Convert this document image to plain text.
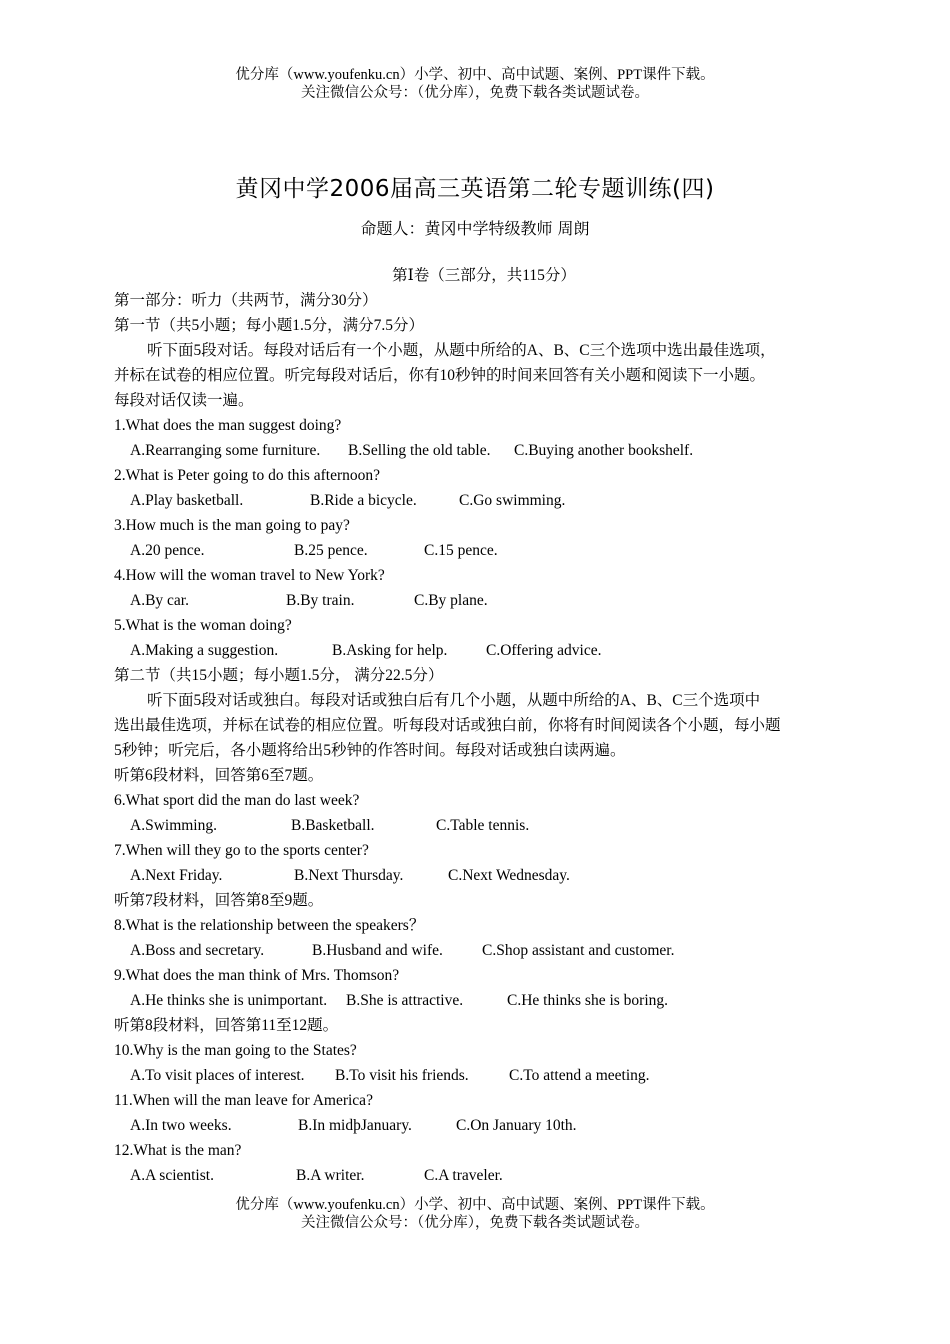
优分库（www.youfenku.cn）小学、初中、高中试题、案例、PPT课件下载。
关注微信公众号：（优分库），免费下载各类试题试卷。
黄冈中学2006届高三英语第二轮专题训练(四)
命题人：黄冈中学特级教师 周朗
第Ⅰ卷（三部分，共115分）
第一部分：听力（共两节，满分30分）
第一节（共5小题；每小题1.5分，满分7.5分）
听下面5段对话。每段对话后有一个小题，从题中所给的A、B、C三个选项中选出最佳选项，
并标在试卷的相应位置。听完每段对话后，你有10秒钟的时间来回答有关小题和阅读下一小题。
每段对话仅读一遍。
1.What does the man suggest doing?
A.Rearranging some furniture. B.Selling the old table. C.Buying another bookshelf.
2.What is Peter going to do this afternoon?
A.Play basketball.	B.Ride a bicycle.	C.Go swimming.
3.How much is the man going to pay?
A.20 pence.	B.25 pence.	C.15 pence.
4.How will the woman travel to New York?
A.By car.	B.By train.	C.By plane.
5.What is the woman doing?
A.Making a suggestion.	B.Asking for help. C.Offering advice.
第二节（共15小题；每小题1.5分， 满分22.5分）
听下面5段对话或独白。每段对话或独白后有几个小题，从题中所给的A、B、C三个选项中
选出最佳选项，并标在试卷的相应位置。听每段对话或独白前，你将有时间阅读各个小题，每小题
5秒钟；听完后，各小题将给出5秒钟的作答时间。每段对话或独白读两遍。
听第6段材料，回答第6至7题。
6.What sport did the man do last week?
A.Swimming.	B.Basketball.	C.Table tennis.
7.When will they go to the sports center?
A.Next Friday.	B.Next Thursday.	C.Next Wednesday.
听第7段材料，回答第8至9题。
8.What is the relationship between the speakers？
A.Boss and secretary.	B.Husband and wife.	C.Shop assistant and customer.
9.What does the man think of Mrs. Thomson?
A.He thinks she is unimportant. B.She is attractive.	C.He thinks she is boring.
听第8段材料，回答第11至12题。
10.Why is the man going to the States?
A.To visit places of interest. B.To visit his friends.	C.To attend a meeting.
11.When will the man leave for America?
A.In two weeks.	B.In midþJanuary.	C.On January 10th.
12.What is the man?
A.A scientist.	B.A writer.	C.A traveler.
优分库（www.youfenku.cn）小学、初中、高中试题、案例、PPT课件下载。
关注微信公众号：（优分库），免费下载各类试题试卷。
